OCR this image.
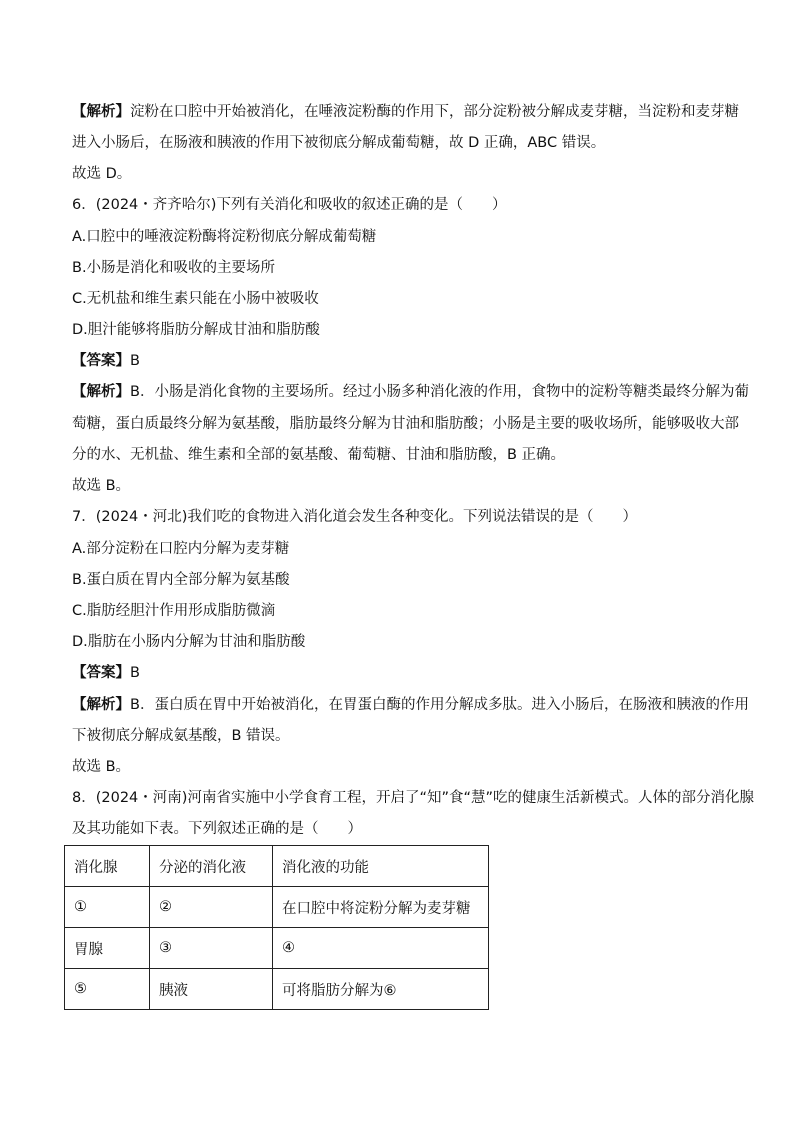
【解析】淀粉在口腔中开始被消化，在唾液淀粉酶的作用下，部分淀粉被分解成麦芽糖，当淀粉和麦芽糖
进入小肠后，在肠液和胰液的作用下被彻底分解成葡萄糖，故 D 正确，ABC 错误。
故选 D。
6．(2024・齐齐哈尔)下列有关消化和吸收的叙述正确的是（　　）
A.口腔中的唾液淀粉酶将淀粉彻底分解成葡萄糖
B.小肠是消化和吸收的主要场所
C.无机盐和维生素只能在小肠中被吸收
D.胆汁能够将脂肪分解成甘油和脂肪酸
【答案】B
【解析】B．小肠是消化食物的主要场所。经过小肠多种消化液的作用，食物中的淀粉等糖类最终分解为葡
萄糖，蛋白质最终分解为氨基酸，脂肪最终分解为甘油和脂肪酸；小肠是主要的吸收场所，能够吸收大部
分的水、无机盐、维生素和全部的氨基酸、葡萄糖、甘油和脂肪酸，B 正确。
故选 B。
7．(2024・河北)我们吃的食物进入消化道会发生各种变化。下列说法错误的是（　　）
A.部分淀粉在口腔内分解为麦芽糖
B.蛋白质在胃内全部分解为氨基酸
C.脂肪经胆汁作用形成脂肪微滴
D.脂肪在小肠内分解为甘油和脂肪酸
【答案】B
【解析】B．蛋白质在胃中开始被消化，在胃蛋白酶的作用分解成多肽。进入小肠后，在肠液和胰液的作用
下被彻底分解成氨基酸，B 错误。
故选 B。
8．(2024・河南)河南省实施中小学食育工程，开启了“知”食“慧”吃的健康生活新模式。人体的部分消化腺
及其功能如下表。下列叙述正确的是（　　）
消化腺	分泌的消化液	消化液的功能
①	②	在口腔中将淀粉分解为麦芽糖
胃腺	③	④
⑤	胰液	可将脂肪分解为⑥
